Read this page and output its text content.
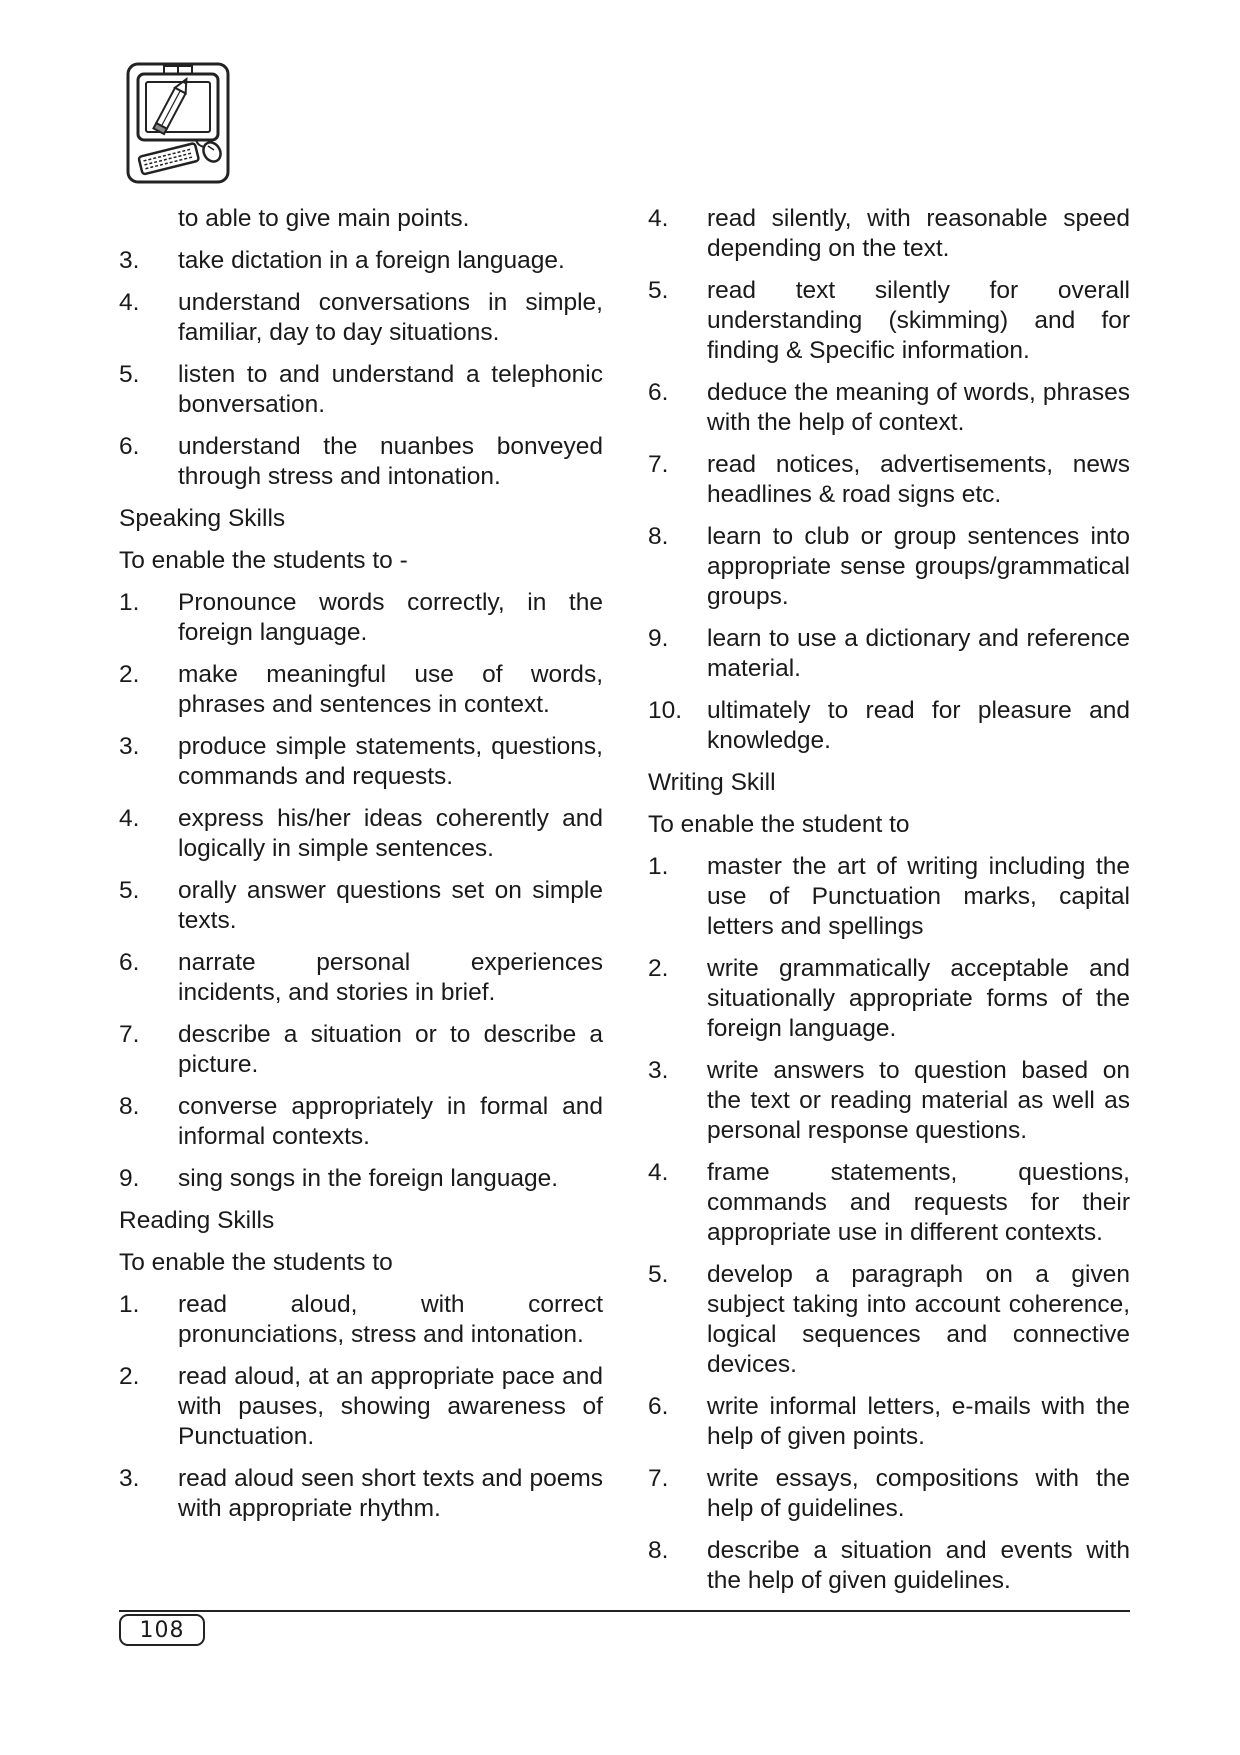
to able to give main points.
3.	take dictation in a foreign language.
4.	understand conversations in simple, familiar, day to day situations.
5.	listen to and understand a telephonic bonversation.
6.	understand the nuanbes bonveyed through stress and intonation.
Speaking Skills
To enable the students to -
1.	Pronounce words correctly, in the foreign language.
2.	make meaningful use of words, phrases and sentences in context.
3.	produce simple statements, questions, commands and requests.
4.	express his/her ideas coherently and logically in simple sentences.
5.	orally answer questions set on simple texts.
6.	narrate personal experiences incidents, and stories in brief.
7.	describe a situation or to describe a picture.
8.	converse appropriately in formal and informal contexts.
9.	sing songs in the foreign language.
Reading Skills
To enable the students to
1.	read aloud, with correct pronunciations, stress and intonation.
2.	read aloud, at an appropriate pace and with pauses, showing awareness of Punctuation.
3.	read aloud seen short texts and poems with appropriate rhythm.
4.	read silently, with reasonable speed depending on the text.
5.	read text silently for overall understanding (skimming) and for finding & Specific information.
6.	deduce the meaning of words, phrases with the help of context.
7.	read notices, advertisements, news headlines & road signs etc.
8.	learn to club or group sentences into appropriate sense groups/grammatical groups.
9.	learn to use a dictionary and reference material.
10.	ultimately to read for pleasure and knowledge.
Writing Skill
To enable the student to
1.	master the art of writing including the use of Punctuation marks, capital letters and spellings
2.	write grammatically acceptable and situationally appropriate forms of the foreign language.
3.	write answers to question based on the text or reading material as well as personal response questions.
4.	frame statements, questions, commands and requests for their appropriate use in different contexts.
5.	develop a paragraph on a given subject taking into account coherence, logical sequences and connective devices.
6.	write informal letters, e-mails with the help of given points.
7.	write essays, compositions with the help of guidelines.
8.	describe a situation and events with the help of given guidelines.
108
